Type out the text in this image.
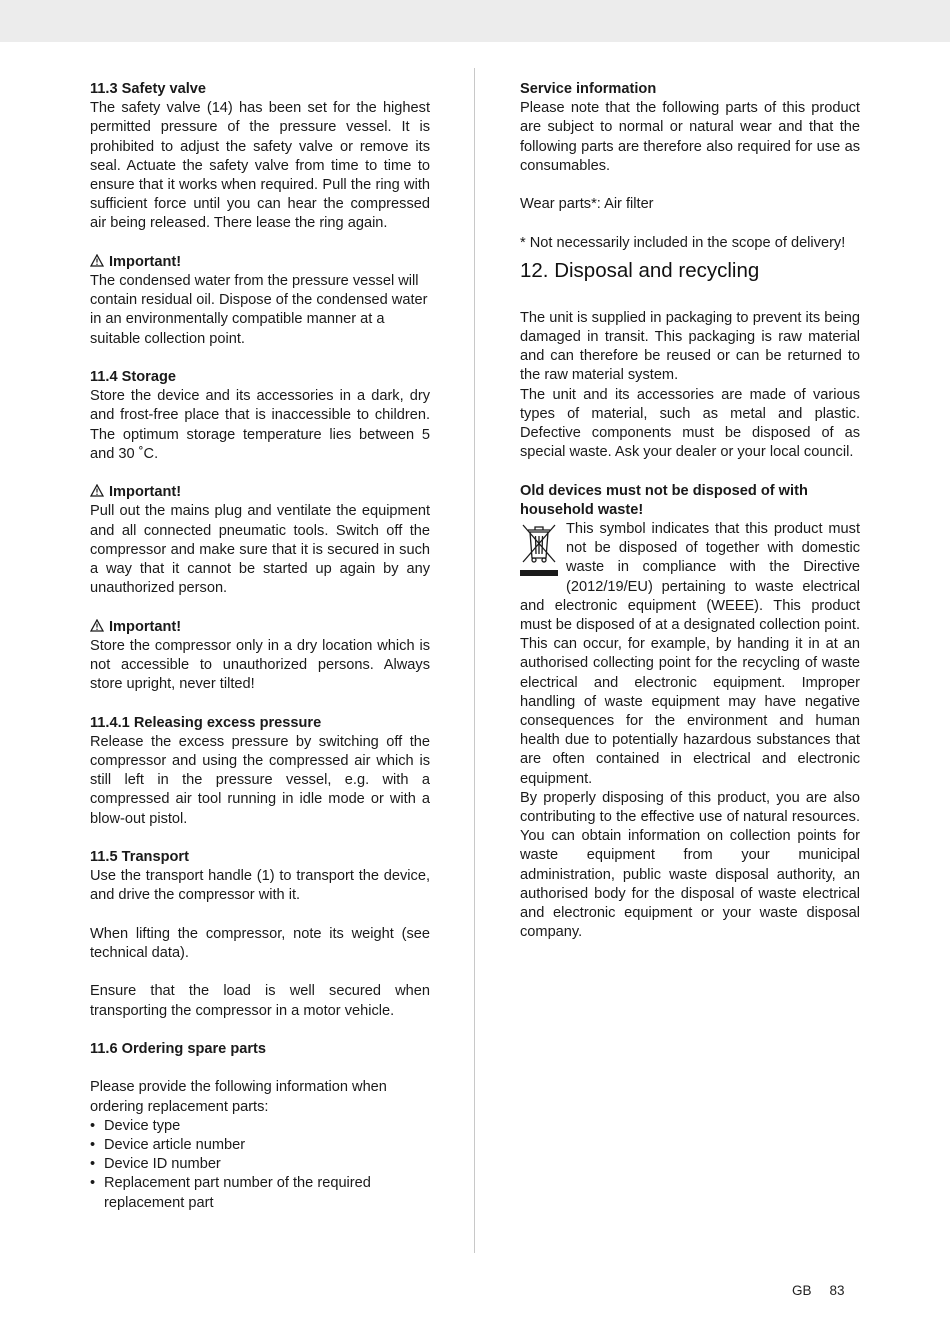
11.3 Safety valve
The safety valve (14) has been set for the highest permitted pressure of the pressure vessel. It is prohibited to adjust the safety valve or remove its seal. Actuate the safety valve from time to time to ensure that it works when required. Pull the ring with sufficient force until you can hear the compressed air being released. There lease the ring again.

Important!
The condensed water from the pressure vessel will contain residual oil. Dispose of the condensed water in an environmentally compatible manner at a suitable collection point.

11.4 Storage
Store the device and its accessories in a dark, dry and frost-free place that is inaccessible to children. The optimum storage temperature lies between 5 and 30 ˚C.

Important!
Pull out the mains plug and ventilate the equipment and all connected pneumatic tools. Switch off the compressor and make sure that it is secured in such a way that it cannot be started up again by any unauthorized person.

Important!
Store the compressor only in a dry location which is not accessible to unauthorized persons. Always store upright, never tilted!

11.4.1 Releasing excess pressure
Release the excess pressure by switching off the compressor and using the compressed air which is still left in the pressure vessel, e.g. with a compressed air tool running in idle mode or with a blow-out pistol.

11.5 Transport
Use the transport handle (1) to transport the device, and drive the compressor with it.

When lifting the compressor, note its weight (see technical data).

Ensure that the load is well secured when transporting the compressor in a motor vehicle.

11.6 Ordering spare parts

Please provide the following information when ordering replacement parts:

• Device type
• Device article number
• Device ID number
• Replacement part number of the required replacement part

Service information
Please note that the following parts of this product are subject to normal or natural wear and that the following parts are therefore also required for use as consumables.

Wear parts*: Air filter

* Not necessarily included in the scope of delivery!

12. Disposal and recycling

The unit is supplied in packaging to prevent its being damaged in transit. This packaging is raw material and can therefore be reused or can be returned to the raw material system.

The unit and its accessories are made of various types of material, such as metal and plastic. Defective components must be disposed of as special waste. Ask your dealer or your local council.

Old devices must not be disposed of with household waste!

This symbol indicates that this product must not be disposed of together with domestic waste in compliance with the Directive (2012/19/EU) pertaining to waste electrical and electronic equipment (WEEE). This product must be disposed of at a designated collection point. This can occur, for example, by handing it in at an authorised collecting point for the recycling of waste electrical and electronic equipment. Improper handling of waste equipment may have negative consequences for the environment and human health due to potentially hazardous substances that are often contained in electrical and electronic equipment.

By properly disposing of this product, you are also contributing to the effective use of natural resources. You can obtain information on collection points for waste equipment from your municipal administration, public waste disposal authority, an authorised body for the disposal of waste electrical and electronic equipment or your waste disposal company.

GB 83
